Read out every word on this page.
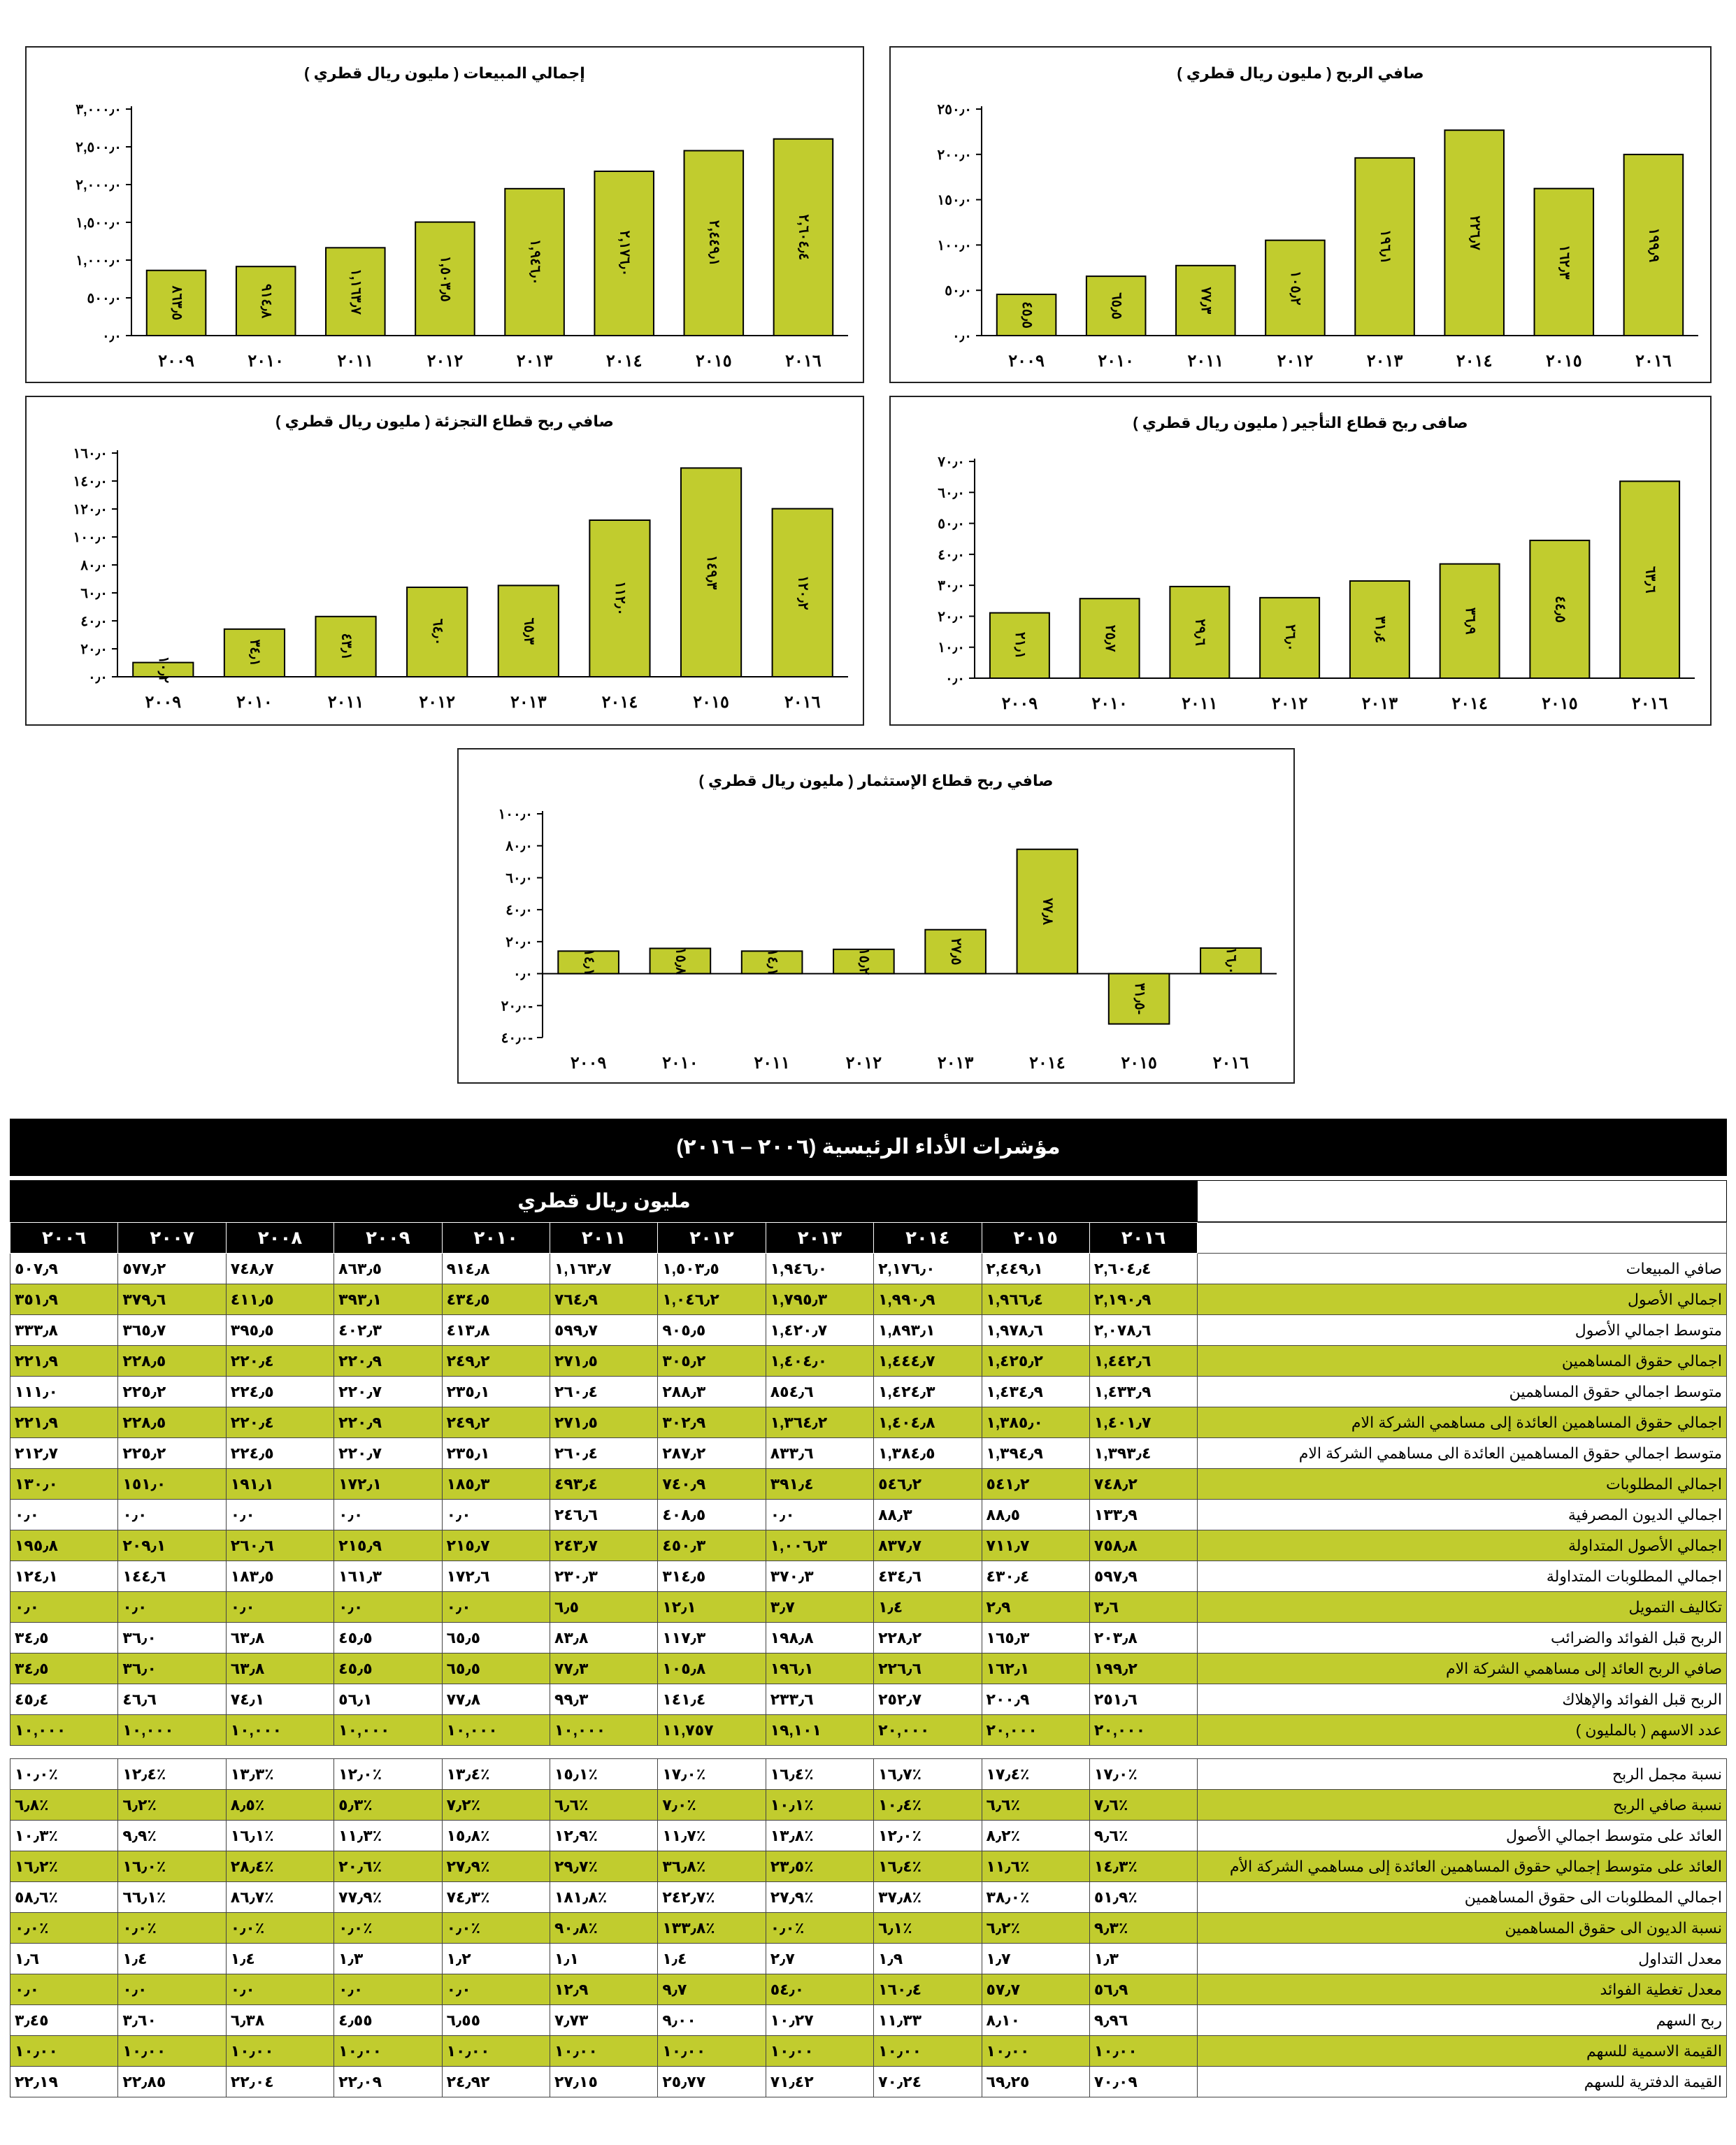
إجمالي المبيعات ( مليون ريال قطري )
٠٫٠
٥٠٠٫٠
١,٠٠٠٫٠
١,٥٠٠٫٠
٢,٠٠٠٫٠
٢,٥٠٠٫٠
٣,٠٠٠٫٠
٨٦٣٫٥
٢٠٠٩
٩١٤٫٨
٢٠١٠
١,١٦٣٫٧
٢٠١١
١,٥٠٣٫٥
٢٠١٢
١,٩٤٦٫٠
٢٠١٣
٢,١٧٦٫٠
٢٠١٤
٢,٤٤٩٫١
٢٠١٥
٢,٦٠٤٫٤
٢٠١٦
صافي الربح ( مليون ريال قطري )
٠٫٠
٥٠٫٠
١٠٠٫٠
١٥٠٫٠
٢٠٠٫٠
٢٥٠٫٠
٤٥٫٥
٢٠٠٩
٦٥٫٥
٢٠١٠
٧٧٫٣
٢٠١١
١٠٥٫٢
٢٠١٢
١٩٦٫١
٢٠١٣
٢٢٦٫٧
٢٠١٤
١٦٢٫٣
٢٠١٥
١٩٩٫٩
٢٠١٦
صافي ربح قطاع التجزئة ( مليون ريال قطري )
٠٫٠
٢٠٫٠
٤٠٫٠
٦٠٫٠
٨٠٫٠
١٠٠٫٠
١٢٠٫٠
١٤٠٫٠
١٦٠٫٠
١٠٫٢
٢٠٠٩
٣٤٫١
٢٠١٠
٤٣٫١
٢٠١١
٦٤٫٠
٢٠١٢
٦٥٫٣
٢٠١٣
١١٢٫٠
٢٠١٤
١٤٩٫٣
٢٠١٥
١٢٠٫٢
٢٠١٦
صافى ربح قطاع التأجير ( مليون ريال قطري )
٠٫٠
١٠٫٠
٢٠٫٠
٣٠٫٠
٤٠٫٠
٥٠٫٠
٦٠٫٠
٧٠٫٠
٢١٫١
٢٠٠٩
٢٥٫٧
٢٠١٠
٢٩٫٦
٢٠١١
٢٦٫٠
٢٠١٢
٣١٫٤
٢٠١٣
٣٦٫٩
٢٠١٤
٤٤٫٥
٢٠١٥
٦٣٫٦
٢٠١٦
صافي ربح قطاع الإستثمار ( مليون ريال قطري )
٤٠٫٠-
٢٠٫٠-
٠٫٠
٢٠٫٠
٤٠٫٠
٦٠٫٠
٨٠٫٠
١٠٠٫٠
١٤٫١
٢٠٠٩
١٥٫٨
٢٠١٠
١٤٫١
٢٠١١
١٥٫٢
٢٠١٢
٢٧٫٥
٢٠١٣
٧٧٫٨
٢٠١٤
٣١٫٥-
٢٠١٥
١٦٫٠
٢٠١٦
مؤشرات الأداء الرئيسية (٢٠٠٦ – ٢٠١٦)
مليون ريال قطري
٢٠٠٦	٢٠٠٧	٢٠٠٨	٢٠٠٩	٢٠١٠	٢٠١١	٢٠١٢	٢٠١٣	٢٠١٤	٢٠١٥	٢٠١٦	
٥٠٧٫٩	٥٧٧٫٢	٧٤٨٫٧	٨٦٣٫٥	٩١٤٫٨	١,١٦٣٫٧	١,٥٠٣٫٥	١,٩٤٦٫٠	٢,١٧٦٫٠	٢,٤٤٩٫١	٢,٦٠٤٫٤	صافي المبيعات
٣٥١٫٩	٣٧٩٫٦	٤١١٫٥	٣٩٣٫١	٤٣٤٫٥	٧٦٤٫٩	١,٠٤٦٫٢	١,٧٩٥٫٣	١,٩٩٠٫٩	١,٩٦٦٫٤	٢,١٩٠٫٩	اجمالي الأصول
٣٣٣٫٨	٣٦٥٫٧	٣٩٥٫٥	٤٠٢٫٣	٤١٣٫٨	٥٩٩٫٧	٩٠٥٫٥	١,٤٢٠٫٧	١,٨٩٣٫١	١,٩٧٨٫٦	٢,٠٧٨٫٦	متوسط اجمالي الأصول
٢٢١٫٩	٢٢٨٫٥	٢٢٠٫٤	٢٢٠٫٩	٢٤٩٫٢	٢٧١٫٥	٣٠٥٫٢	١,٤٠٤٫٠	١,٤٤٤٫٧	١,٤٢٥٫٢	١,٤٤٢٫٦	اجمالي حقوق المساهمين
١١١٫٠	٢٢٥٫٢	٢٢٤٫٥	٢٢٠٫٧	٢٣٥٫١	٢٦٠٫٤	٢٨٨٫٣	٨٥٤٫٦	١,٤٢٤٫٣	١,٤٣٤٫٩	١,٤٣٣٫٩	متوسط اجمالي حقوق المساهمين
٢٢١٫٩	٢٢٨٫٥	٢٢٠٫٤	٢٢٠٫٩	٢٤٩٫٢	٢٧١٫٥	٣٠٢٫٩	١,٣٦٤٫٢	١,٤٠٤٫٨	١,٣٨٥٫٠	١,٤٠١٫٧	اجمالي حقوق المساهمين العائدة إلى مساهمي الشركة الام
٢١٢٫٧	٢٢٥٫٢	٢٢٤٫٥	٢٢٠٫٧	٢٣٥٫١	٢٦٠٫٤	٢٨٧٫٢	٨٣٣٫٦	١,٣٨٤٫٥	١,٣٩٤٫٩	١,٣٩٣٫٤	متوسط اجمالي حقوق المساهمين العائدة الى مساهمي الشركة الام
١٣٠٫٠	١٥١٫٠	١٩١٫١	١٧٢٫١	١٨٥٫٣	٤٩٣٫٤	٧٤٠٫٩	٣٩١٫٤	٥٤٦٫٢	٥٤١٫٢	٧٤٨٫٢	اجمالي المطلوبات
٠٫٠	٠٫٠	٠٫٠	٠٫٠	٠٫٠	٢٤٦٫٦	٤٠٨٫٥	٠٫٠	٨٨٫٣	٨٨٫٥	١٣٣٫٩	اجمالي الديون المصرفية
١٩٥٫٨	٢٠٩٫١	٢٦٠٫٦	٢١٥٫٩	٢١٥٫٧	٢٤٣٫٧	٤٥٠٫٣	١,٠٠٦٫٣	٨٣٧٫٧	٧١١٫٧	٧٥٨٫٨	اجمالي الأصول المتداولة
١٢٤٫١	١٤٤٫٦	١٨٣٫٥	١٦١٫٣	١٧٢٫٦	٢٣٠٫٣	٣١٤٫٥	٣٧٠٫٣	٤٣٤٫٦	٤٣٠٫٤	٥٩٧٫٩	اجمالي المطلوبات المتداولة
٠٫٠	٠٫٠	٠٫٠	٠٫٠	٠٫٠	٦٫٥	١٢٫١	٣٫٧	١٫٤	٢٫٩	٣٫٦	تكاليف التمويل
٣٤٫٥	٣٦٫٠	٦٣٫٨	٤٥٫٥	٦٥٫٥	٨٣٫٨	١١٧٫٣	١٩٨٫٨	٢٢٨٫٢	١٦٥٫٣	٢٠٣٫٨	الربح قبل الفوائد والضرائب
٣٤٫٥	٣٦٫٠	٦٣٫٨	٤٥٫٥	٦٥٫٥	٧٧٫٣	١٠٥٫٨	١٩٦٫١	٢٢٦٫٦	١٦٢٫١	١٩٩٫٢	صافي الربح العائد إلى مساهمي الشركة الام
٤٥٫٤	٤٦٫٦	٧٤٫١	٥٦٫١	٧٧٫٨	٩٩٫٣	١٤١٫٤	٢٣٣٫٦	٢٥٢٫٧	٢٠٠٫٩	٢٥١٫٦	الربح قبل الفوائد والإهلاك
١٠,٠٠٠	١٠,٠٠٠	١٠,٠٠٠	١٠,٠٠٠	١٠,٠٠٠	١٠,٠٠٠	١١,٧٥٧	١٩,١٠١	٢٠,٠٠٠	٢٠,٠٠٠	٢٠,٠٠٠	عدد الاسهم ( بالمليون )
٪١٠٫٠	٪١٢٫٤	٪١٣٫٣	٪١٢٫٠	٪١٣٫٤	٪١٥٫١	٪١٧٫٠	٪١٦٫٤	٪١٦٫٧	٪١٧٫٤	٪١٧٫٠	نسبة مجمل الربح
٪٦٫٨	٪٦٫٢	٪٨٫٥	٪٥٫٣	٪٧٫٢	٪٦٫٦	٪٧٫٠	٪١٠٫١	٪١٠٫٤	٪٦٫٦	٪٧٫٦	نسبة صافي الربح
٪١٠٫٣	٪٩٫٩	٪١٦٫١	٪١١٫٣	٪١٥٫٨	٪١٢٫٩	٪١١٫٧	٪١٣٫٨	٪١٢٫٠	٪٨٫٢	٪٩٫٦	العائد على متوسط اجمالي الأصول
٪١٦٫٢	٪١٦٫٠	٪٢٨٫٤	٪٢٠٫٦	٪٢٧٫٩	٪٢٩٫٧	٪٣٦٫٨	٪٢٣٫٥	٪١٦٫٤	٪١١٫٦	٪١٤٫٣	العائد على متوسط إجمالي حقوق المساهمين العائدة إلى مساهمي الشركة الأم
٪٥٨٫٦	٪٦٦٫١	٪٨٦٫٧	٪٧٧٫٩	٪٧٤٫٣	٪١٨١٫٨	٪٢٤٢٫٧	٪٢٧٫٩	٪٣٧٫٨	٪٣٨٫٠	٪٥١٫٩	اجمالي المطلوبات الى حقوق المساهمين
٪٠٫٠	٪٠٫٠	٪٠٫٠	٪٠٫٠	٪٠٫٠	٪٩٠٫٨	٪١٣٣٫٨	٪٠٫٠	٪٦٫١	٪٦٫٢	٪٩٫٣	نسبة الديون الى حقوق المساهمين
١٫٦	١٫٤	١٫٤	١٫٣	١٫٢	١٫١	١٫٤	٢٫٧	١٫٩	١٫٧	١٫٣	معدل التداول
٠٫٠	٠٫٠	٠٫٠	٠٫٠	٠٫٠	١٢٫٩	٩٫٧	٥٤٫٠	١٦٠٫٤	٥٧٫٧	٥٦٫٩	معدل تغطية الفوائد
٣٫٤٥	٣٫٦٠	٦٫٣٨	٤٫٥٥	٦٫٥٥	٧٫٧٣	٩٫٠٠	١٠٫٢٧	١١٫٣٣	٨٫١٠	٩٫٩٦	ربح السهم
١٠٫٠٠	١٠٫٠٠	١٠٫٠٠	١٠٫٠٠	١٠٫٠٠	١٠٫٠٠	١٠٫٠٠	١٠٫٠٠	١٠٫٠٠	١٠٫٠٠	١٠٫٠٠	القيمة الاسمية للسهم
٢٢٫١٩	٢٢٫٨٥	٢٢٫٠٤	٢٢٫٠٩	٢٤٫٩٢	٢٧٫١٥	٢٥٫٧٧	٧١٫٤٢	٧٠٫٢٤	٦٩٫٢٥	٧٠٫٠٩	القيمة الدفترية للسهم
